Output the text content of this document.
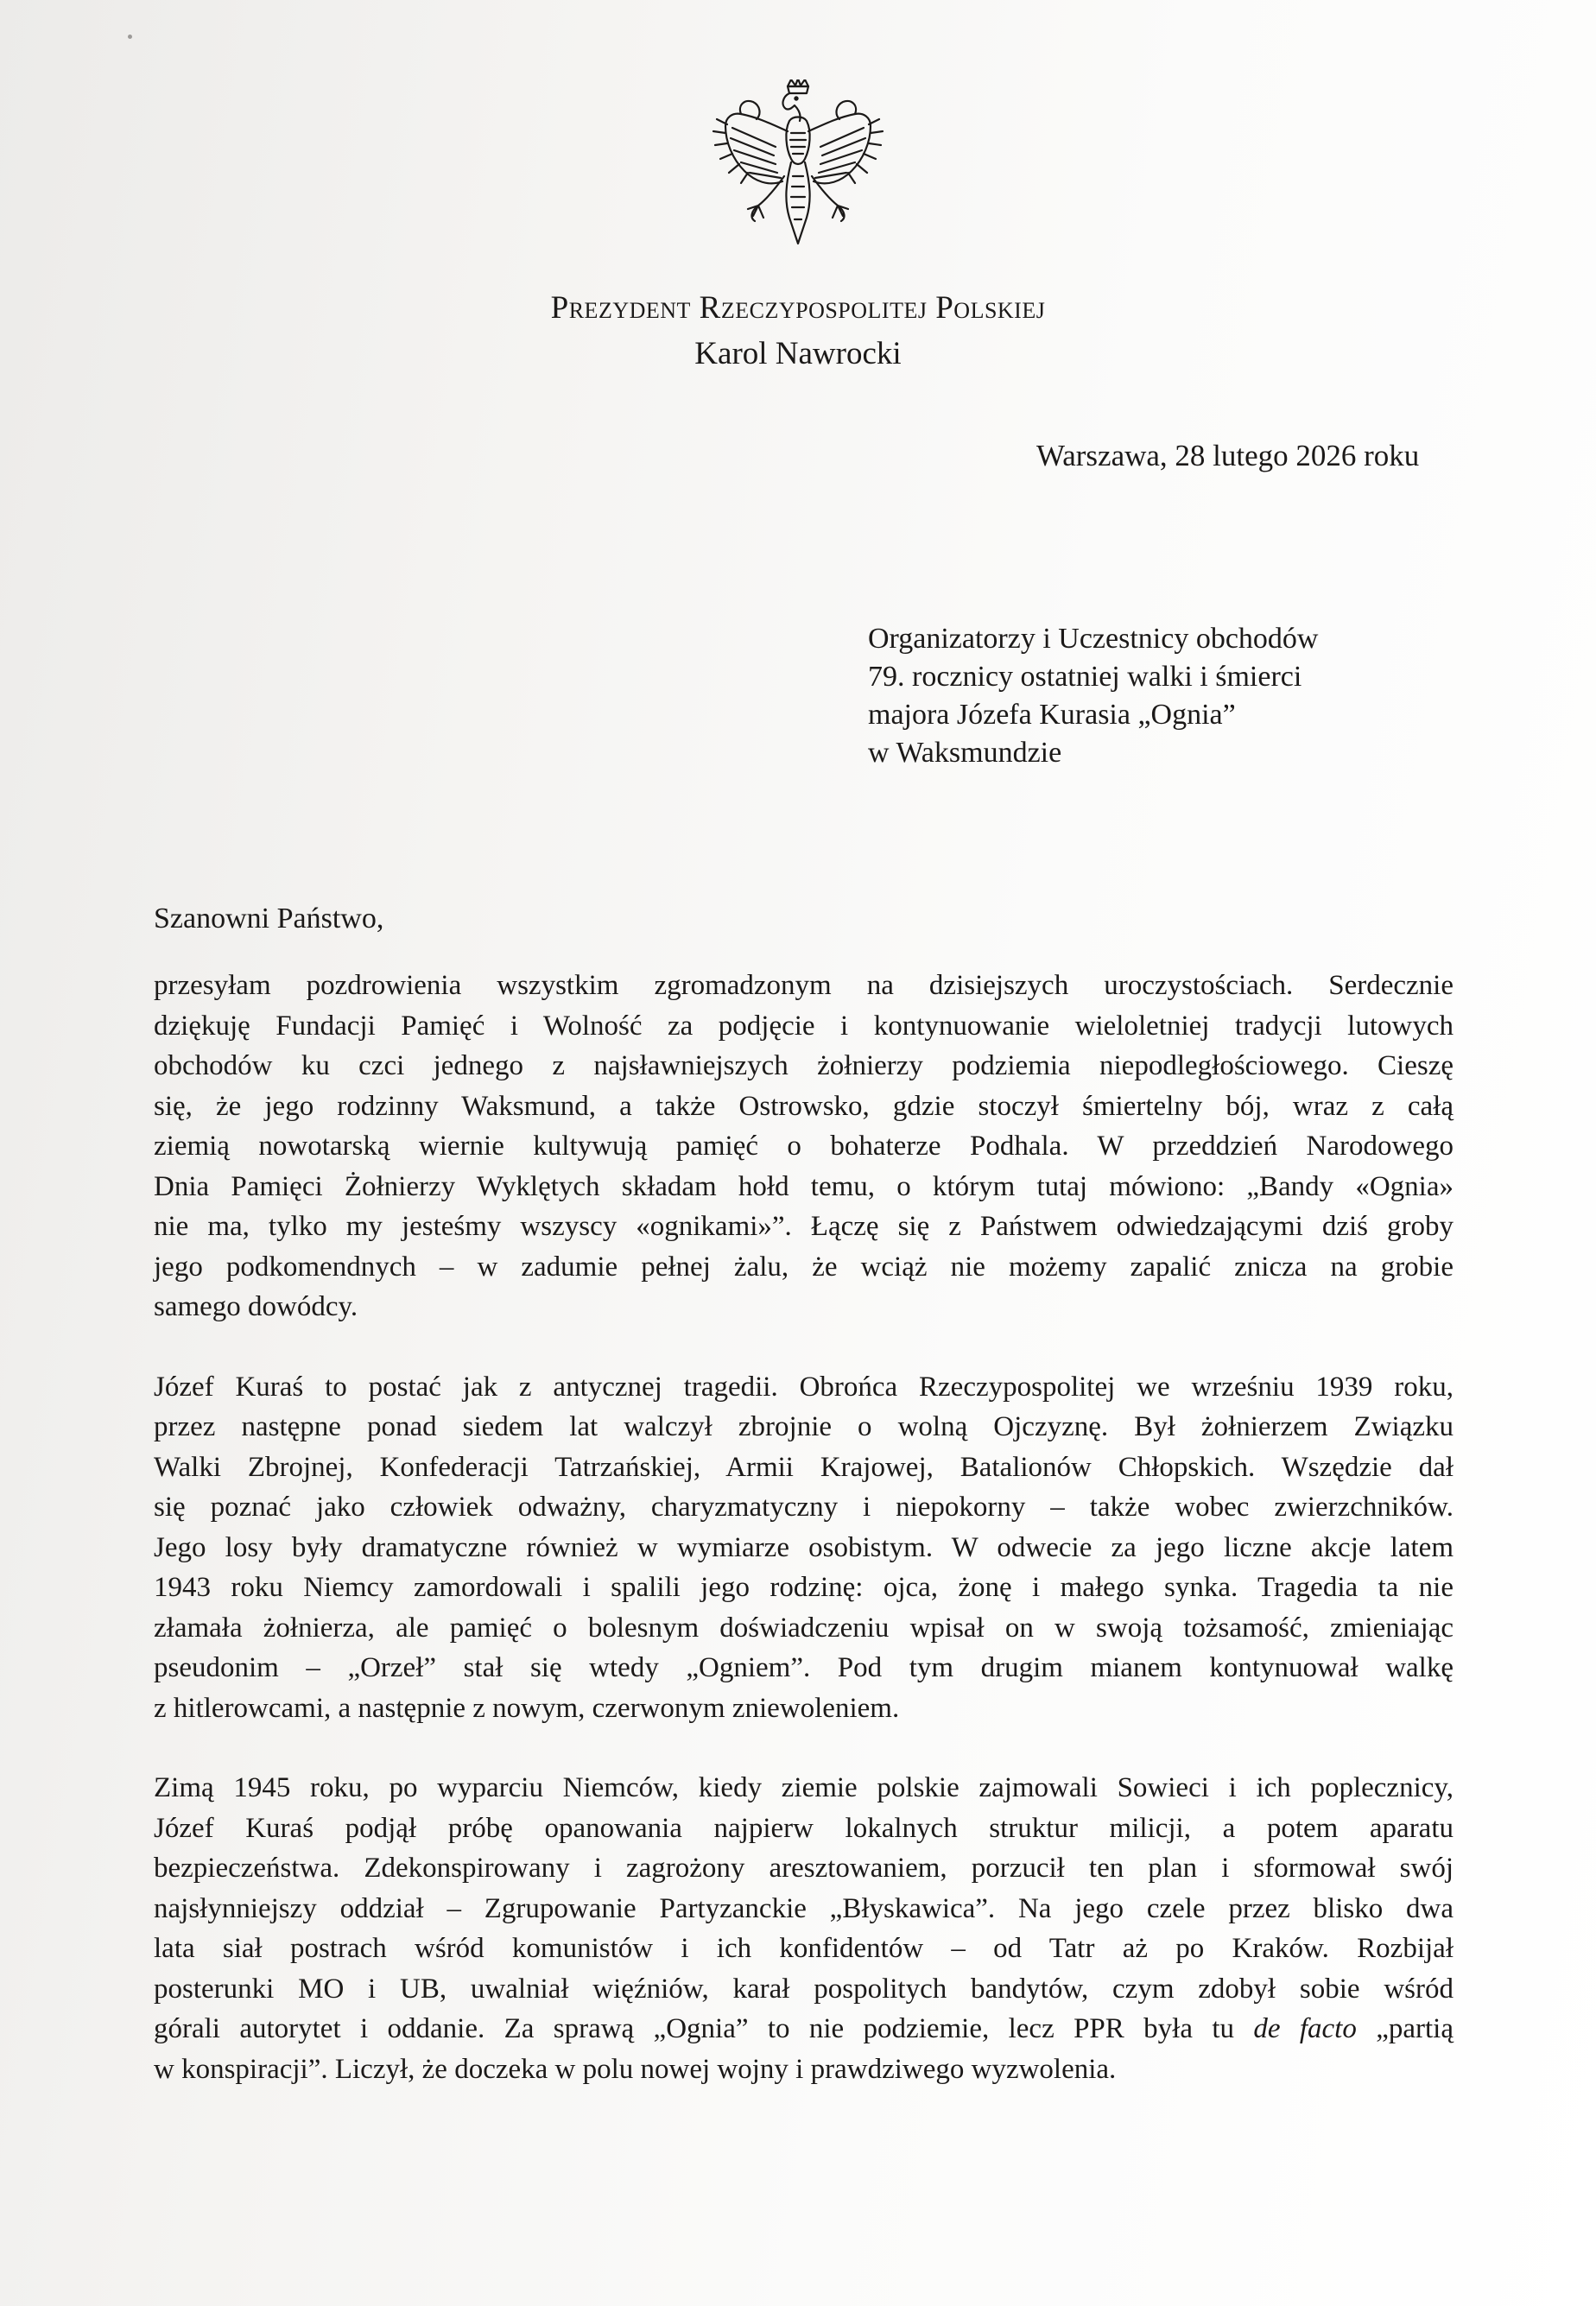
Prezydent Rzeczypospolitej Polskiej
Karol Nawrocki
Warszawa, 28 lutego 2026 roku
Organizatorzy i Uczestnicy obchodów
79. rocznicy ostatniej walki i śmierci
majora Józefa Kurasia „Ognia”
w Waksmundzie
Szanowni Państwo,
przesyłam pozdrowienia wszystkim zgromadzonym na dzisiejszych uroczystościach. Serdecznie
dziękuję Fundacji Pamięć i Wolność za podjęcie i kontynuowanie wieloletniej tradycji lutowych
obchodów ku czci jednego z najsławniejszych żołnierzy podziemia niepodległościowego. Cieszę
się, że jego rodzinny Waksmund, a także Ostrowsko, gdzie stoczył śmiertelny bój, wraz z całą
ziemią nowotarską wiernie kultywują pamięć o bohaterze Podhala. W przeddzień Narodowego
Dnia Pamięci Żołnierzy Wyklętych składam hołd temu, o którym tutaj mówiono: „Bandy «Ognia»
nie ma, tylko my jesteśmy wszyscy «ognikami»”. Łączę się z Państwem odwiedzającymi dziś groby
jego podkomendnych – w zadumie pełnej żalu, że wciąż nie możemy zapalić znicza na grobie
samego dowódcy.
Józef Kuraś to postać jak z antycznej tragedii. Obrońca Rzeczypospolitej we wrześniu 1939 roku,
przez następne ponad siedem lat walczył zbrojnie o wolną Ojczyznę. Był żołnierzem Związku
Walki Zbrojnej, Konfederacji Tatrzańskiej, Armii Krajowej, Batalionów Chłopskich. Wszędzie dał
się poznać jako człowiek odważny, charyzmatyczny i niepokorny – także wobec zwierzchników.
Jego losy były dramatyczne również w wymiarze osobistym. W odwecie za jego liczne akcje latem
1943 roku Niemcy zamordowali i spalili jego rodzinę: ojca, żonę i małego synka. Tragedia ta nie
złamała żołnierza, ale pamięć o bolesnym doświadczeniu wpisał on w swoją tożsamość, zmieniając
pseudonim – „Orzeł” stał się wtedy „Ogniem”. Pod tym drugim mianem kontynuował walkę
z hitlerowcami, a następnie z nowym, czerwonym zniewoleniem.
Zimą 1945 roku, po wyparciu Niemców, kiedy ziemie polskie zajmowali Sowieci i ich poplecznicy,
Józef Kuraś podjął próbę opanowania najpierw lokalnych struktur milicji, a potem aparatu
bezpieczeństwa. Zdekonspirowany i zagrożony aresztowaniem, porzucił ten plan i sformował swój
najsłynniejszy oddział – Zgrupowanie Partyzanckie „Błyskawica”. Na jego czele przez blisko dwa
lata siał postrach wśród komunistów i ich konfidentów – od Tatr aż po Kraków. Rozbijał
posterunki MO i UB, uwalniał więźniów, karał pospolitych bandytów, czym zdobył sobie wśród
górali autorytet i oddanie. Za sprawą „Ognia” to nie podziemie, lecz PPR była tu de facto „partią
w konspiracji”. Liczył, że doczeka w polu nowej wojny i prawdziwego wyzwolenia.
